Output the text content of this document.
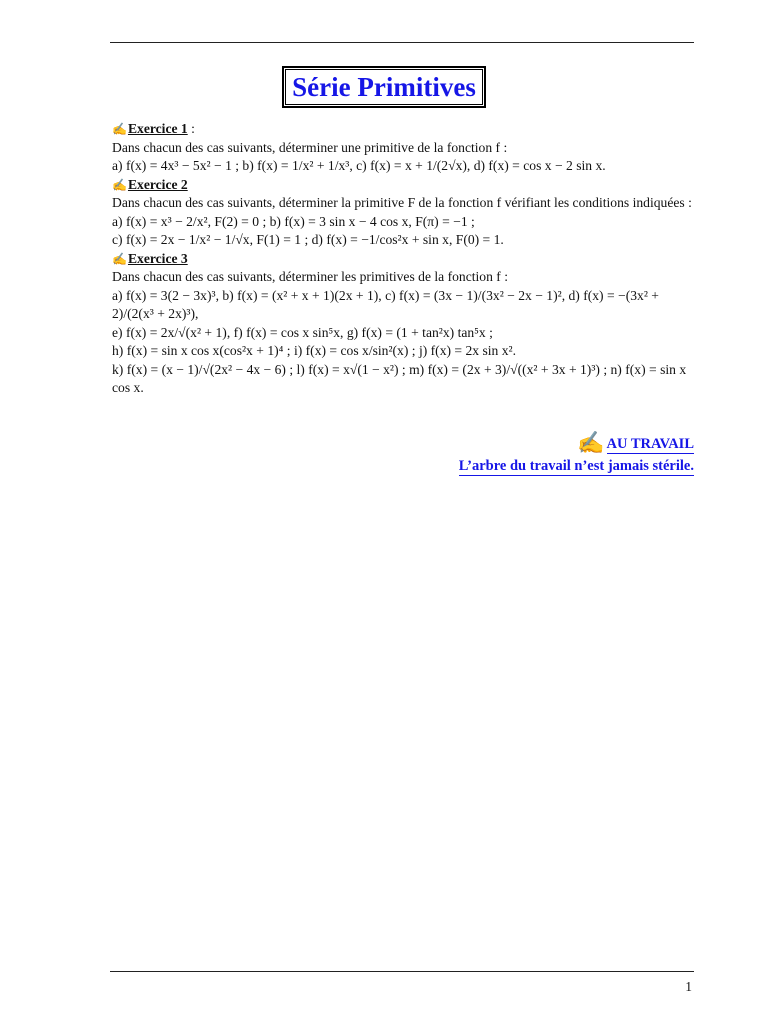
Série Primitives
✍Exercice 1 :
Dans chacun des cas suivants, déterminer une primitive de la fonction f :
a) f(x) = 4x³ − 5x² − 1 ; b) f(x) = 1/x² + 1/x³, c) f(x) = x + 1/(2√x), d) f(x) = cos x − 2 sin x.
✍Exercice 2
Dans chacun des cas suivants, déterminer la primitive F de la fonction f vérifiant les conditions indiquées :
a) f(x) = x³ − 2/x², F(2) = 0 ; b) f(x) = 3 sin x − 4 cos x, F(π) = −1 ;
c) f(x) = 2x − 1/x² − 1/√x, F(1) = 1 ; d) f(x) = −1/cos²x + sin x, F(0) = 1.
✍Exercice 3
Dans chacun des cas suivants, déterminer les primitives de la fonction f :
a) f(x) = 3(2 − 3x)³, b) f(x) = (x² + x + 1)(2x + 1), c) f(x) = (3x − 1)/(3x² − 2x − 1)², d) f(x) = −(3x² + 2)/(2(x³ + 2x)³),
e) f(x) = 2x/√(x² + 1), f) f(x) = cos x sin⁵x, g) f(x) = (1 + tan²x) tan⁵x ;
h) f(x) = sin x cos x(cos²x + 1)⁴ ; i) f(x) = cos x/sin²(x) ; j) f(x) = 2x sin x².
k) f(x) = (x − 1)/√(2x² − 4x − 6) ; l) f(x) = x√(1 − x²) ; m) f(x) = (2x + 3)/√((x² + 3x + 1)³) ; n) f(x) = sin x cos x.
✍ AU TRAVAIL
L’arbre du travail n’est jamais stérile.
1
